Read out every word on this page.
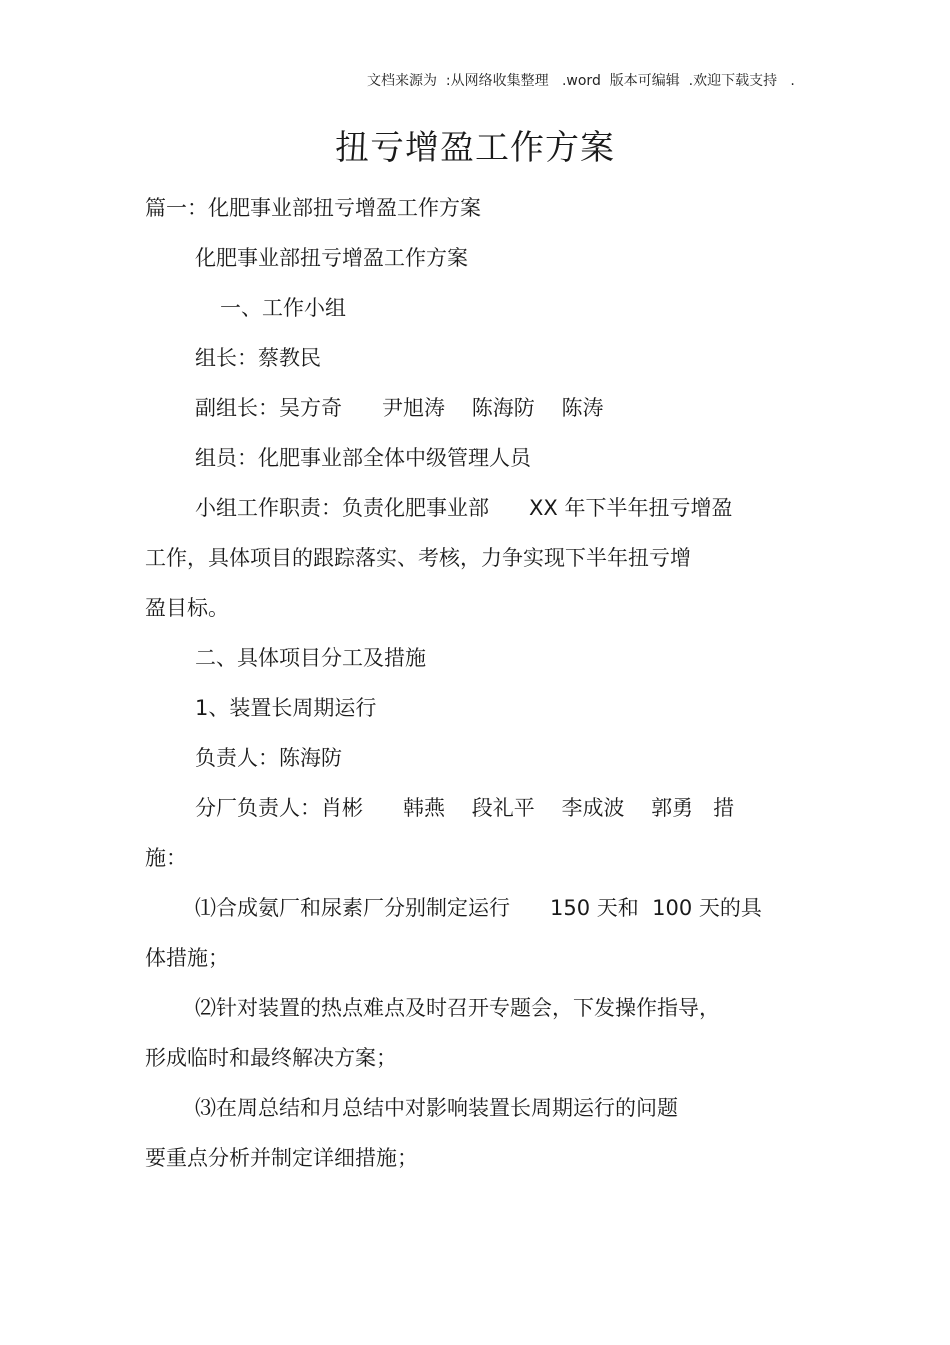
文档来源为  :从网络收集整理   .word  版本可编辑  .欢迎下载支持   .
扭亏增盈工作方案
篇一：化肥事业部扭亏增盈工作方案
化肥事业部扭亏增盈工作方案
一、工作小组
组长：蔡教民
副组长：吴方奇      尹旭涛    陈海防    陈涛
组员：化肥事业部全体中级管理人员
小组工作职责：负责化肥事业部      XX 年下半年扭亏增盈
工作，具体项目的跟踪落实、考核，力争实现下半年扭亏增
盈目标。
二、具体项目分工及措施
1、装置长周期运行
负责人：陈海防
分厂负责人：肖彬      韩燕    段礼平    李成波    郭勇   措
施：
⑴合成氨厂和尿素厂分别制定运行      150 天和  100 天的具
体措施；
⑵针对装置的热点难点及时召开专题会，下发操作指导，
形成临时和最终解决方案；
⑶在周总结和月总结中对影响装置长周期运行的问题
要重点分析并制定详细措施；
